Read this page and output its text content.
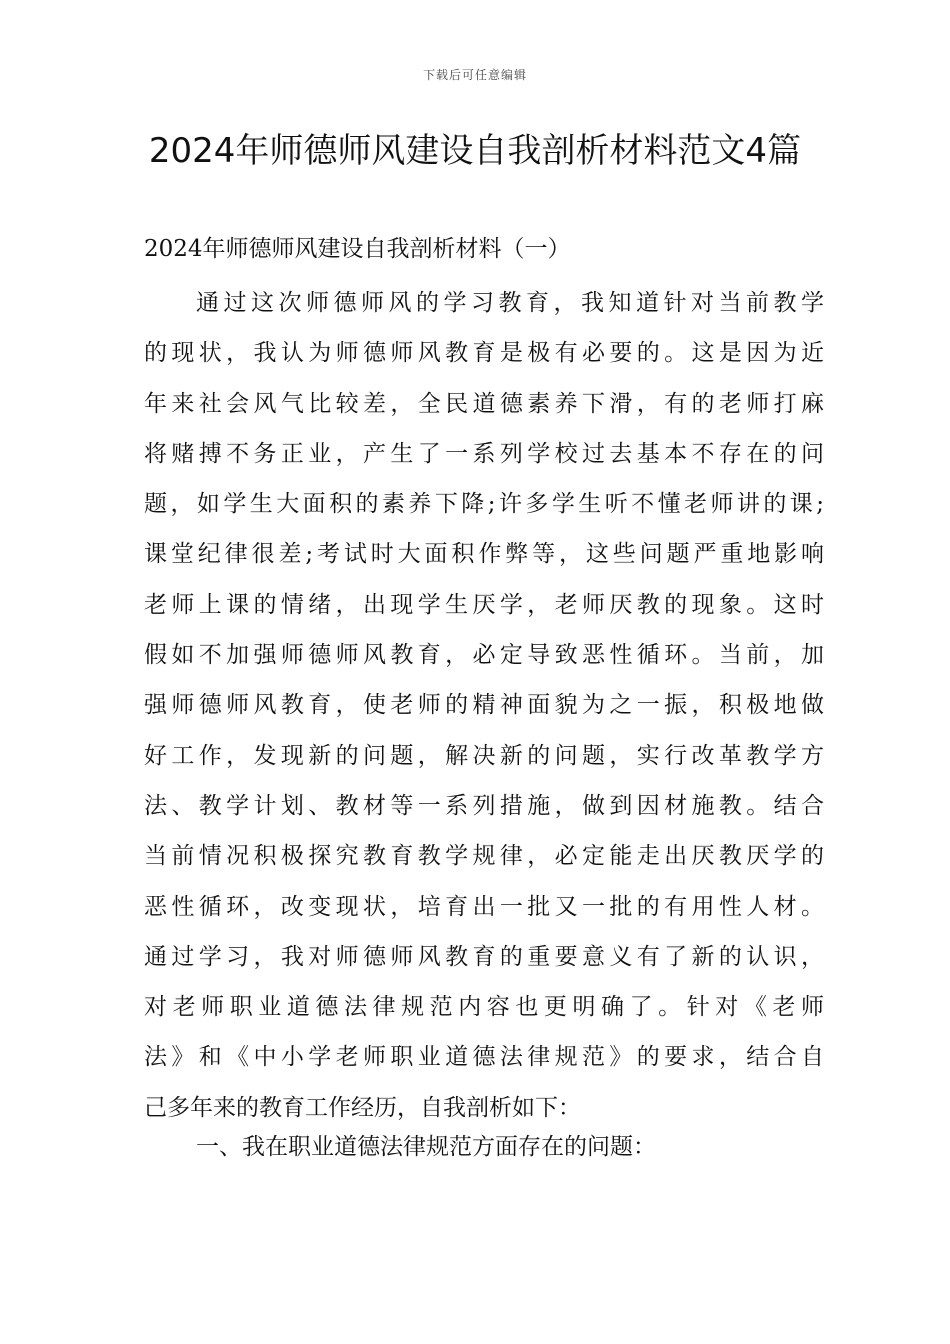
下载后可任意编辑
2024年师德师风建设自我剖析材料范文4篇

2024年师德师风建设自我剖析材料（一）

通过这次师德师风的学习教育，我知道针对当前教学
的现状，我认为师德师风教育是极有必要的。这是因为近
年来社会风气比较差，全民道德素养下滑，有的老师打麻
将赌搏不务正业，产生了一系列学校过去基本不存在的问
题，如学生大面积的素养下降;许多学生听不懂老师讲的课;
课堂纪律很差;考试时大面积作弊等，这些问题严重地影响
老师上课的情绪，出现学生厌学，老师厌教的现象。这时
假如不加强师德师风教育，必定导致恶性循环。当前，加
强师德师风教育，使老师的精神面貌为之一振，积极地做
好工作，发现新的问题，解决新的问题，实行改革教学方
法、教学计划、教材等一系列措施，做到因材施教。结合
当前情况积极探究教育教学规律，必定能走出厌教厌学的
恶性循环，改变现状，培育出一批又一批的有用性人材。
通过学习，我对师德师风教育的重要意义有了新的认识，
对老师职业道德法律规范内容也更明确了。针对《老师
法》和《中小学老师职业道德法律规范》的要求，结合自
己多年来的教育工作经历，自我剖析如下：

一、我在职业道德法律规范方面存在的问题：
